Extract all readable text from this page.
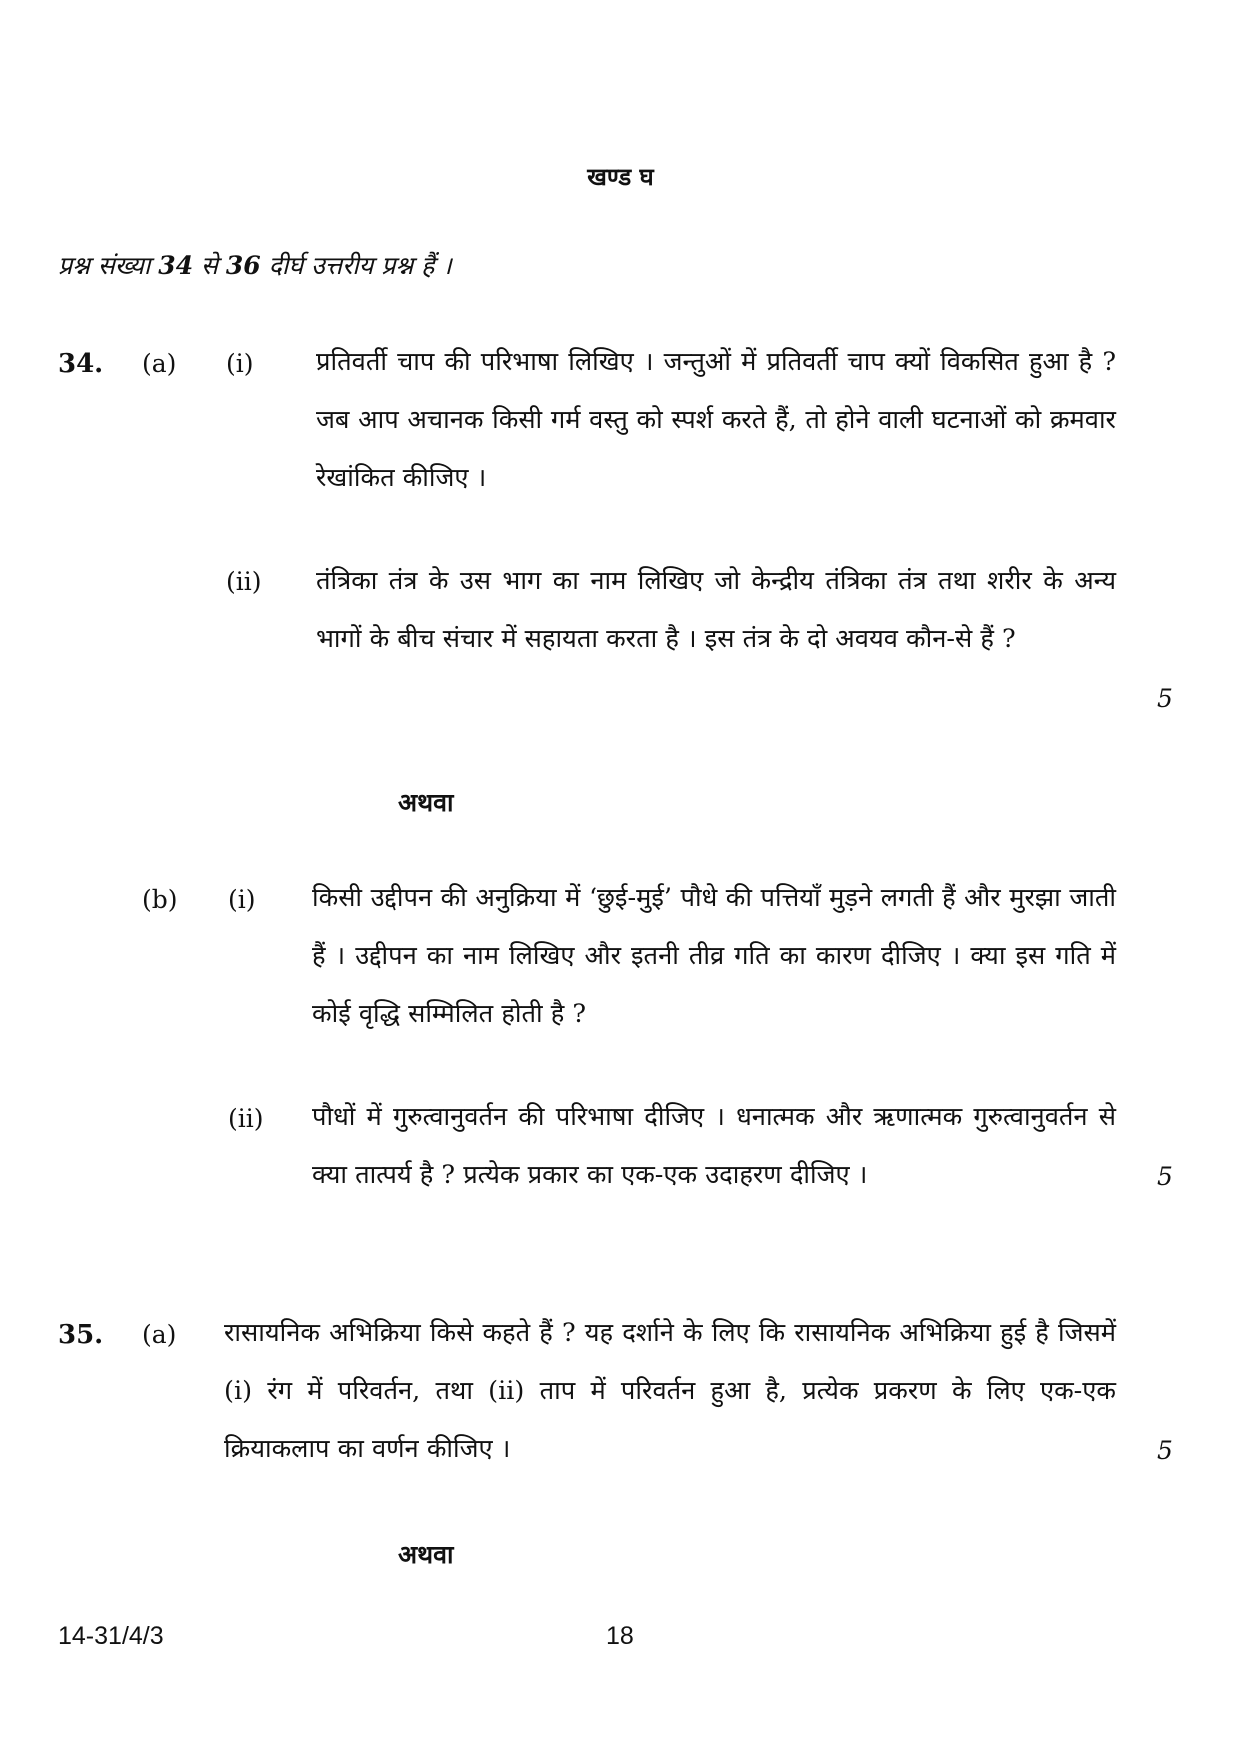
खण्ड घ
प्रश्न संख्या 34 से 36 दीर्घ उत्तरीय प्रश्न हैं ।
34. (a) (i) प्रतिवर्ती चाप की परिभाषा लिखिए । जन्तुओं में प्रतिवर्ती चाप क्यों विकसित हुआ है ? जब आप अचानक किसी गर्म वस्तु को स्पर्श करते हैं, तो होने वाली घटनाओं को क्रमवार रेखांकित कीजिए ।
(ii) तंत्रिका तंत्र के उस भाग का नाम लिखिए जो केन्द्रीय तंत्रिका तंत्र तथा शरीर के अन्य भागों के बीच संचार में सहायता करता है । इस तंत्र के दो अवयव कौन-से हैं ?
5
अथवा
(b) (i) किसी उद्दीपन की अनुक्रिया में ‘छुई-मुई’ पौधे की पत्तियाँ मुड़ने लगती हैं और मुरझा जाती हैं । उद्दीपन का नाम लिखिए और इतनी तीव्र गति का कारण दीजिए । क्या इस गति में कोई वृद्धि सम्मिलित होती है ?
(ii) पौधों में गुरुत्वानुवर्तन की परिभाषा दीजिए । धनात्मक और ऋणात्मक गुरुत्वानुवर्तन से क्या तात्पर्य है ? प्रत्येक प्रकार का एक-एक उदाहरण दीजिए ।	5
35. (a) रासायनिक अभिक्रिया किसे कहते हैं ? यह दर्शाने के लिए कि रासायनिक अभिक्रिया हुई है जिसमें (i) रंग में परिवर्तन, तथा (ii) ताप में परिवर्तन हुआ है, प्रत्येक प्रकरण के लिए एक-एक क्रियाकलाप का वर्णन कीजिए ।	5
अथवा
14-31/4/3	18
